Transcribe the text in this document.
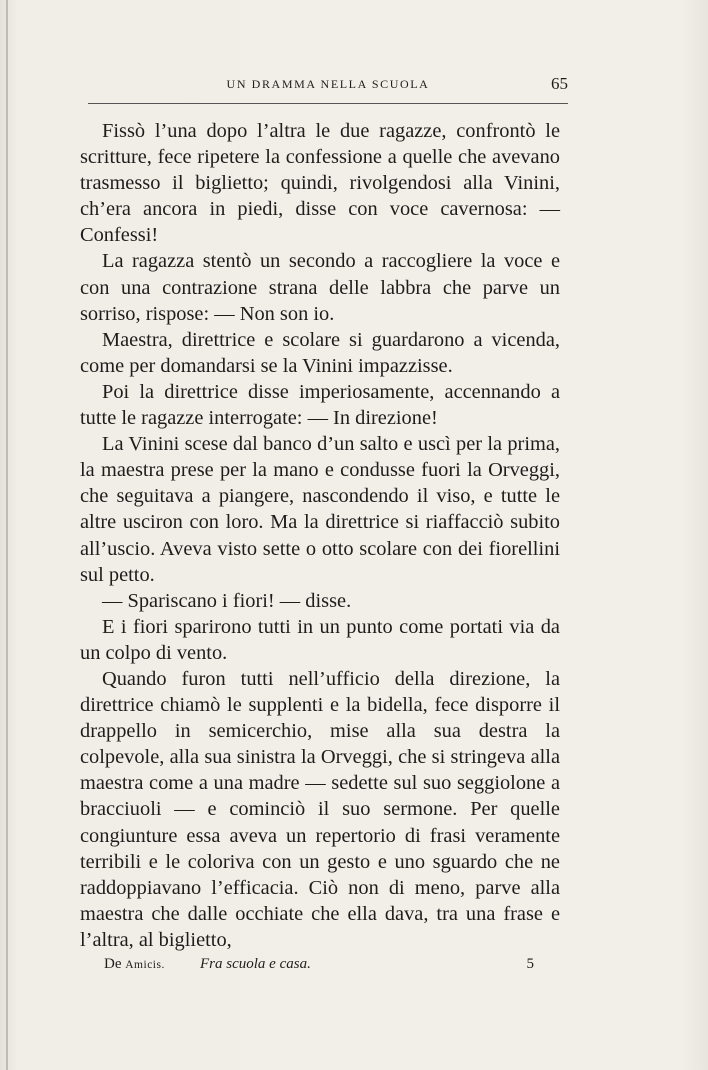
UN DRAMMA NELLA SCUOLA	65

Fissò l’una dopo l’altra le due ragazze, confrontò le scritture, fece ripetere la confessione a quelle che avevano trasmesso il biglietto; quindi, rivolgendosi alla Vinini, ch’era ancora in piedi, disse con voce cavernosa: — Confessi!

La ragazza stentò un secondo a raccogliere la voce e con una contrazione strana delle labbra che parve un sorriso, rispose: — Non son io.

Maestra, direttrice e scolare si guardarono a vicenda, come per domandarsi se la Vinini impazzisse.

Poi la direttrice disse imperiosamente, accennando a tutte le ragazze interrogate: — In direzione!

La Vinini scese dal banco d’un salto e uscì per la prima, la maestra prese per la mano e condusse fuori la Orveggi, che seguitava a piangere, nascondendo il viso, e tutte le altre usciron con loro. Ma la direttrice si riaffacciò subito all’uscio. Aveva visto sette o otto scolare con dei fiorellini sul petto.

— Spariscano i fiori! — disse.

E i fiori sparirono tutti in un punto come portati via da un colpo di vento.

Quando furon tutti nell’ufficio della direzione, la direttrice chiamò le supplenti e la bidella, fece disporre il drappello in semicerchio, mise alla sua destra la colpevole, alla sua sinistra la Orveggi, che si stringeva alla maestra come a una madre — sedette sul suo seggiolone a bracciuoli — e cominciò il suo sermone. Per quelle congiunture essa aveva un repertorio di frasi veramente terribili e le coloriva con un gesto e uno sguardo che ne raddoppiavano l’efficacia. Ciò non di meno, parve alla maestra che dalle occhiate che ella dava, tra una frase e l’altra, al biglietto,

De Amicis. Fra scuola e casa.	5
